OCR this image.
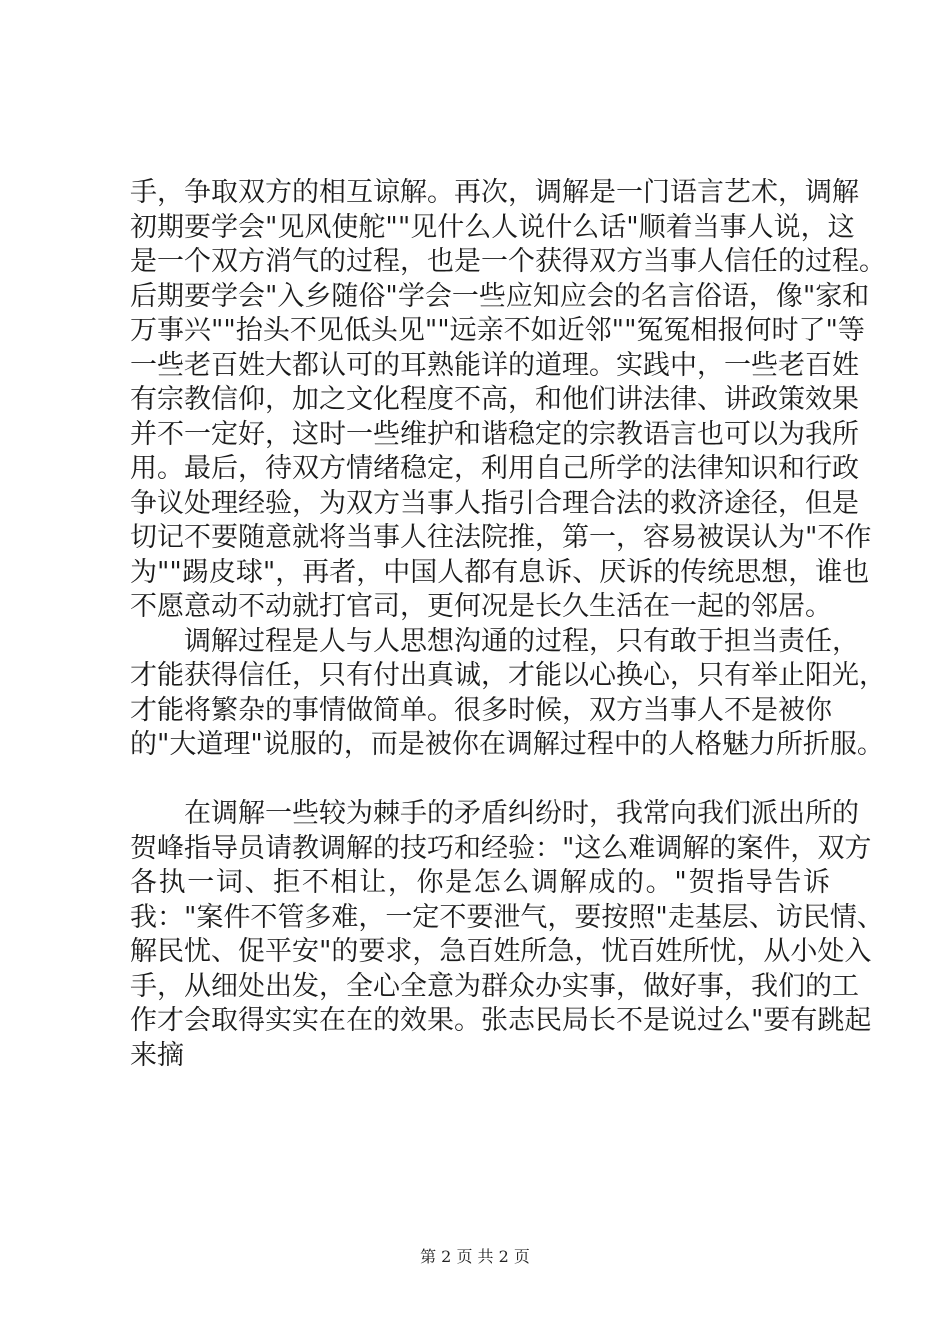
手，争取双方的相互谅解。再次，调解是一门语言艺术，调解
初期要学会"见风使舵""见什么人说什么话"顺着当事人说，这
是一个双方消气的过程，也是一个获得双方当事人信任的过程。
后期要学会"入乡随俗"学会一些应知应会的名言俗语，像"家和
万事兴""抬头不见低头见""远亲不如近邻""冤冤相报何时了"等
一些老百姓大都认可的耳熟能详的道理。实践中，一些老百姓
有宗教信仰，加之文化程度不高，和他们讲法律、讲政策效果
并不一定好，这时一些维护和谐稳定的宗教语言也可以为我所
用。最后，待双方情绪稳定，利用自己所学的法律知识和行政
争议处理经验，为双方当事人指引合理合法的救济途径，但是
切记不要随意就将当事人往法院推，第一，容易被误认为"不作
为""踢皮球"，再者，中国人都有息诉、厌诉的传统思想，谁也
不愿意动不动就打官司，更何况是长久生活在一起的邻居。
调解过程是人与人思想沟通的过程，只有敢于担当责任，
才能获得信任，只有付出真诚，才能以心换心，只有举止阳光，
才能将繁杂的事情做简单。很多时候，双方当事人不是被你
的"大道理"说服的，而是被你在调解过程中的人格魅力所折服。
在调解一些较为棘手的矛盾纠纷时，我常向我们派出所的
贺峰指导员请教调解的技巧和经验："这么难调解的案件，双方
各执一词、拒不相让，你是怎么调解成的。"贺指导告诉
我："案件不管多难，一定不要泄气，要按照"走基层、访民情、
解民忧、促平安"的要求，急百姓所急，忧百姓所忧，从小处入
手，从细处出发，全心全意为群众办实事，做好事，我们的工
作才会取得实实在在的效果。张志民局长不是说过么"要有跳起
来摘
第 2 页 共 2 页
